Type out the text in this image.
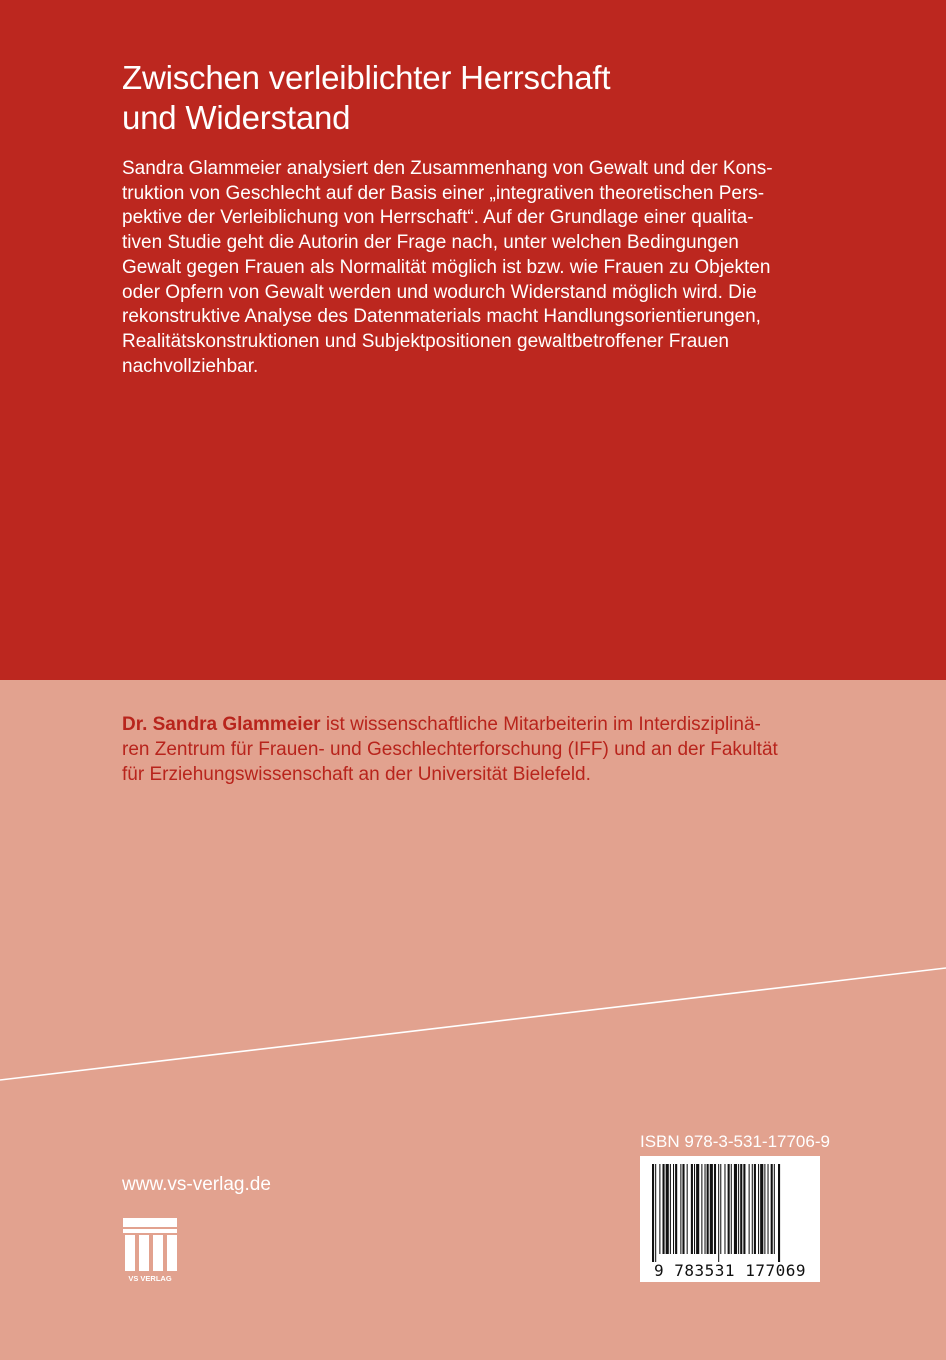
Zwischen verleiblichter Herrschaft
und Widerstand

Sandra Glammeier analysiert den Zusammenhang von Gewalt und der Kons-
truktion von Geschlecht auf der Basis einer „integrativen theoretischen Pers-
pektive der Verleiblichung von Herrschaft“. Auf der Grundlage einer qualita-
tiven Studie geht die Autorin der Frage nach, unter welchen Bedingungen
Gewalt gegen Frauen als Normalität möglich ist bzw. wie Frauen zu Objekten
oder Opfern von Gewalt werden und wodurch Widerstand möglich wird. Die
rekonstruktive Analyse des Datenmaterials macht Handlungsorientierungen,
Realitätskonstruktionen und Subjektpositionen gewaltbetroffener Frauen
nachvollziehbar.

Dr. Sandra Glammeier ist wissenschaftliche Mitarbeiterin im Interdisziplinä-
ren Zentrum für Frauen- und Geschlechterforschung (IFF) und an der Fakultät
für Erziehungswissenschaft an der Universität Bielefeld.

www.vs-verlag.de
VS VERLAG
ISBN 978-3-531-17706-9
9 783531 177069
